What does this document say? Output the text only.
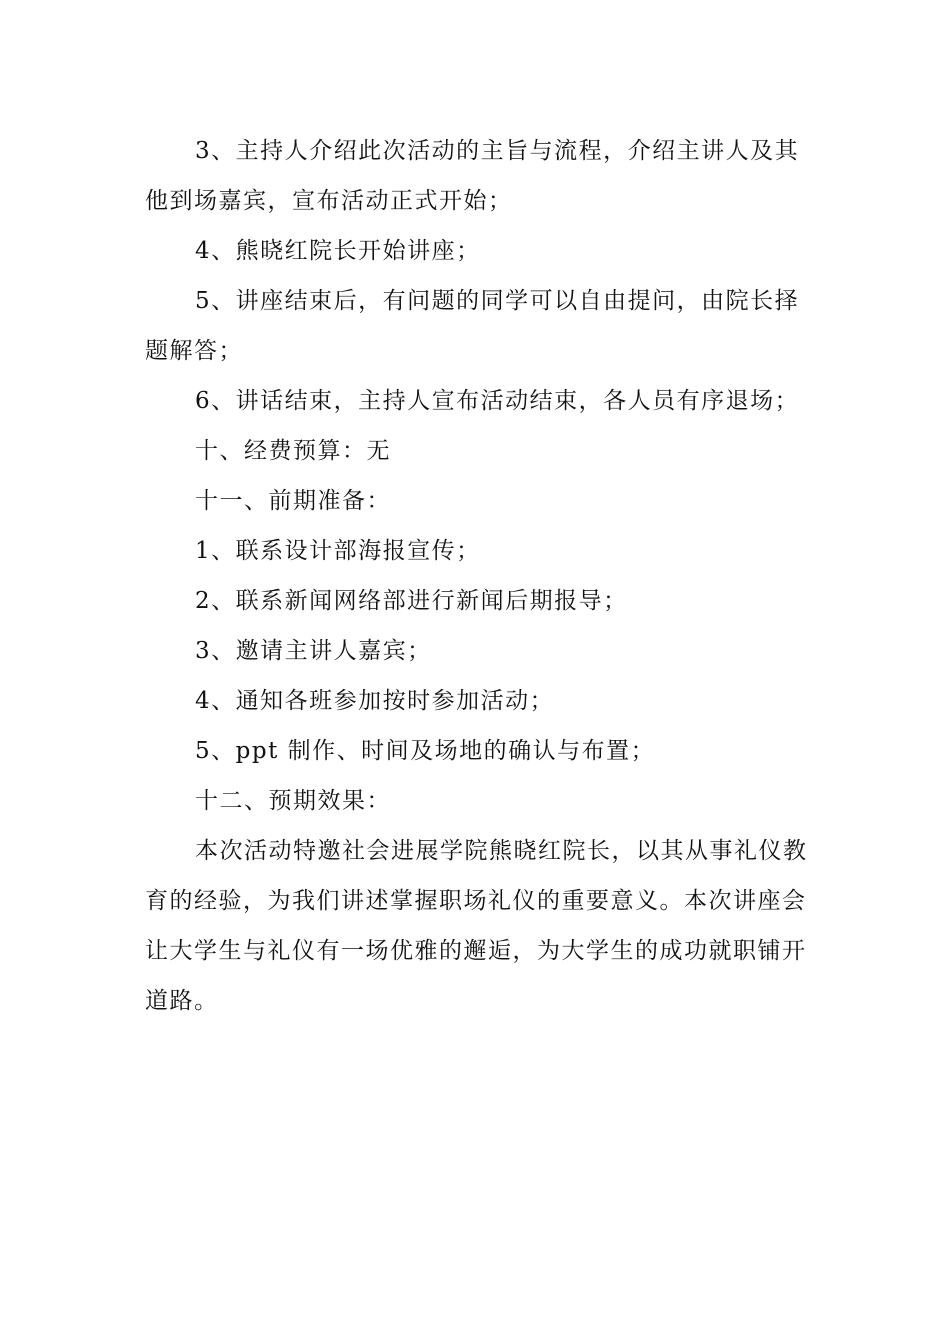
3、主持人介绍此次活动的主旨与流程，介绍主讲人及其他到场嘉宾，宣布活动正式开始；

4、熊晓红院长开始讲座；

5、讲座结束后，有问题的同学可以自由提问，由院长择题解答；

6、讲话结束，主持人宣布活动结束，各人员有序退场；

十、经费预算：无

十一、前期准备：

1、联系设计部海报宣传；

2、联系新闻网络部进行新闻后期报导；

3、邀请主讲人嘉宾；

4、通知各班参加按时参加活动；

5、ppt 制作、时间及场地的确认与布置；

十二、预期效果：

本次活动特邀社会进展学院熊晓红院长，以其从事礼仪教育的经验，为我们讲述掌握职场礼仪的重要意义。本次讲座会让大学生与礼仪有一场优雅的邂逅，为大学生的成功就职铺开道路。
